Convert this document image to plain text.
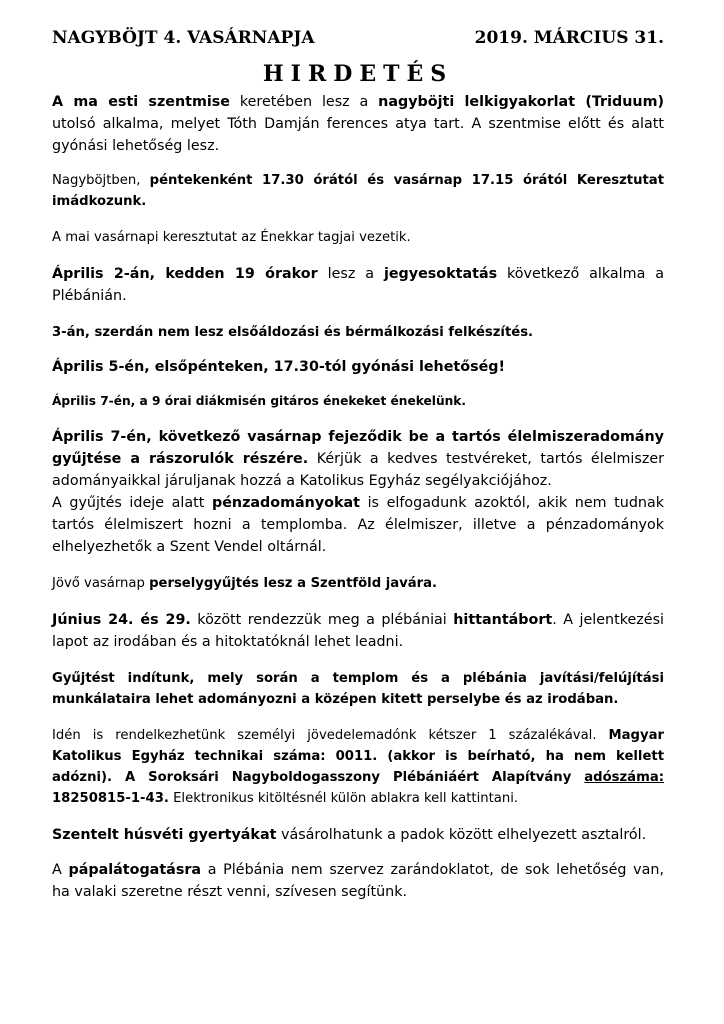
NAGYBÖJT 4. VASÁRNAPJA	2019. MÁRCIUS 31.
HIRDETÉS

A ma esti szentmise keretében lesz a nagyböjti lelkigyakorlat (Triduum) utolsó alkalma, melyet Tóth Damján ferences atya tart. A szentmise előtt és alatt gyónási lehetőség lesz.

Nagyböjtben, péntekenként 17.30 órától és vasárnap 17.15 órától Keresztutat imádkozunk.

A mai vasárnapi keresztutat az Énekkar tagjai vezetik.

Április 2-án, kedden 19 órakor lesz a jegyesoktatás következő alkalma a Plébánián.

3-án, szerdán nem lesz elsőáldozási és bérmálkozási felkészítés.

Április 5-én, elsőpénteken, 17.30-tól gyónási lehetőség!

Április 7-én, a 9 órai diákmisén gitáros énekeket énekelünk.

Április 7-én, következő vasárnap fejeződik be a tartós élelmiszeradomány gyűjtése a rászorulók részére. Kérjük a kedves testvéreket, tartós élelmiszer adományaikkal járuljanak hozzá a Katolikus Egyház segélyakciójához.

A gyűjtés ideje alatt pénzadományokat is elfogadunk azoktól, akik nem tudnak tartós élelmiszert hozni a templomba. Az élelmiszer, illetve a pénzadományok elhelyezhetők a Szent Vendel oltárnál.

Jövő vasárnap perselygyűjtés lesz a Szentföld javára.

Június 24. és 29. között rendezzük meg a plébániai hittantábort. A jelentkezési lapot az irodában és a hitoktatóknál lehet leadni.

Gyűjtést indítunk, mely során a templom és a plébánia javítási/felújítási munkálataira lehet adományozni a középen kitett perselybe és az irodában.

Idén is rendelkezhetünk személyi jövedelemadónk kétszer 1 százalékával. Magyar Katolikus Egyház technikai száma: 0011. (akkor is beírható, ha nem kellett adózni). A Soroksári Nagyboldogasszony Plébániáért Alapítvány adószáma: 18250815-1-43. Elektronikus kitöltésnél külön ablakra kell kattintani.

Szentelt húsvéti gyertyákat vásárolhatunk a padok között elhelyezett asztalról.

A pápalátogatásra a Plébánia nem szervez zarándoklatot, de sok lehetőség van, ha valaki szeretne részt venni, szívesen segítünk.
